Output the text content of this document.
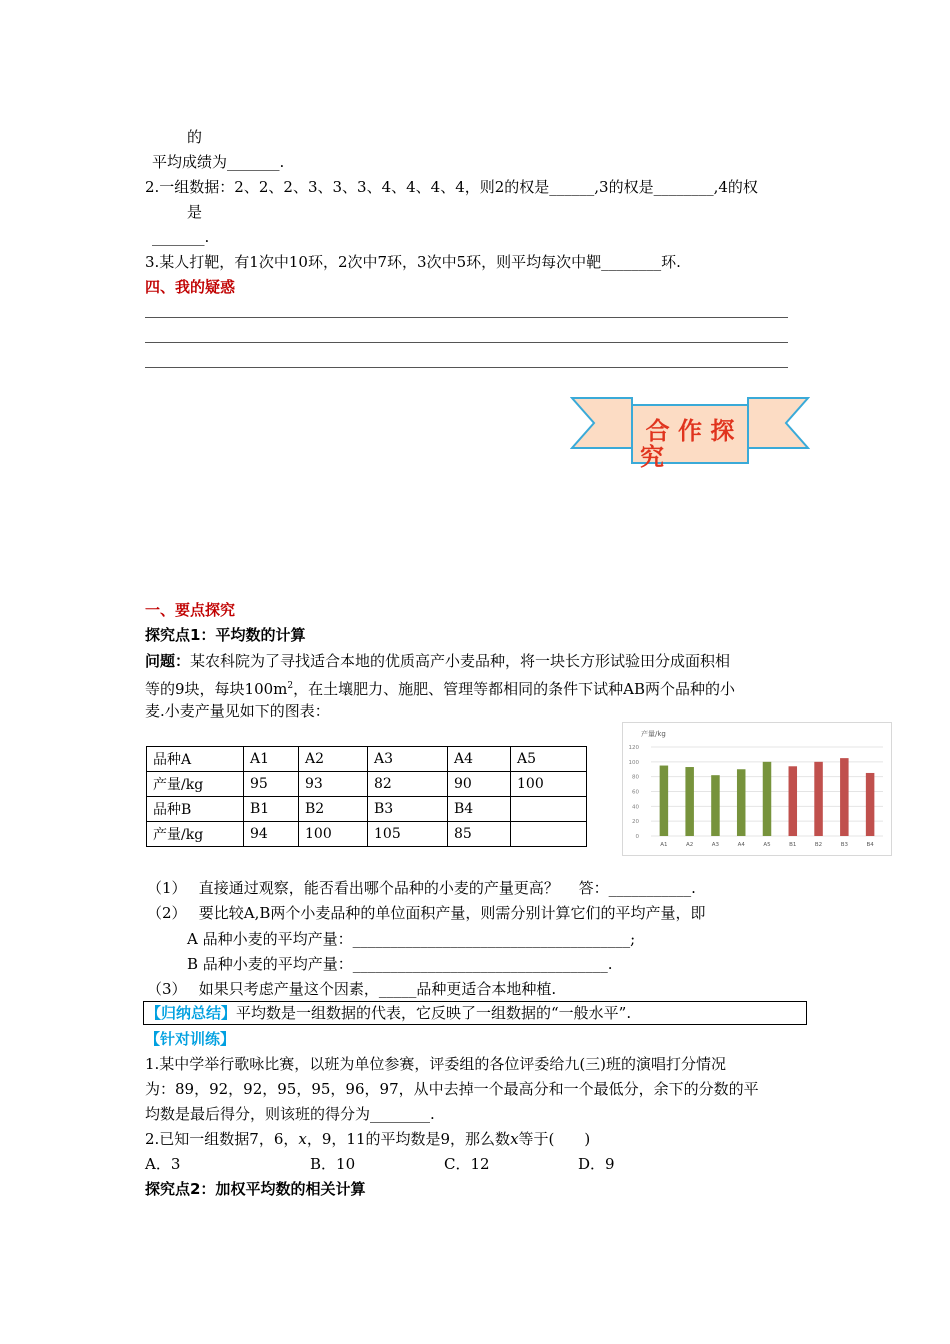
的
平均成绩为_______.
2.一组数据：2、2、2、3、3、3、4、4、4、4，则2的权是______,3的权是________,4的权
是
_______.
3.某人打靶，有1次中10环，2次中7环，3次中5环，则平均每次中靶________环.
四、我的疑惑
合 作 探
究
一、要点探究
探究点1：平均数的计算
问题：某农科院为了寻找适合本地的优质高产小麦品种，将一块长方形试验田分成面积相
等的9块，每块$100m^2$，在土壤肥力、施肥、管理等都相同的条件下试种AB两个品种的小
麦.小麦产量见如下的图表：
品种A	A1	A2	A3	A4	A5
产量/kg	95	93	82	90	100
品种B	B1	B2	B3	B4	
产量/kg	94	100	105	85	
产量/kg
0
20
40
60
80
100
120
A1	A2	A3	A4	A5	B1	B2	B3	B4
（1）　 直接通过观察，能否看出哪个品种的小麦的产量更高？　 答：___________.
（2）　 要比较A,B两个小麦品种的单位面积产量，则需分别计算它们的平均产量，即
A 品种小麦的平均产量：_____________________________________;
B 品种小麦的平均产量：__________________________________.
（3）　 如果只考虑产量这个因素，_____品种更适合本地种植.
【归纳总结】平均数是一组数据的代表，它反映了一组数据的“一般水平”.
【针对训练】
1.某中学举行歌咏比赛，以班为单位参赛，评委组的各位评委给九(三)班的演唱打分情况
为：89，92，92，95，95，96，97，从中去掉一个最高分和一个最低分，余下的分数的平
均数是最后得分，则该班的得分为________.
2.已知一组数据7，6，x，9，11的平均数是9，那么数x等于(　　)
A．3	B．10	C．12	D．9
探究点2：加权平均数的相关计算
